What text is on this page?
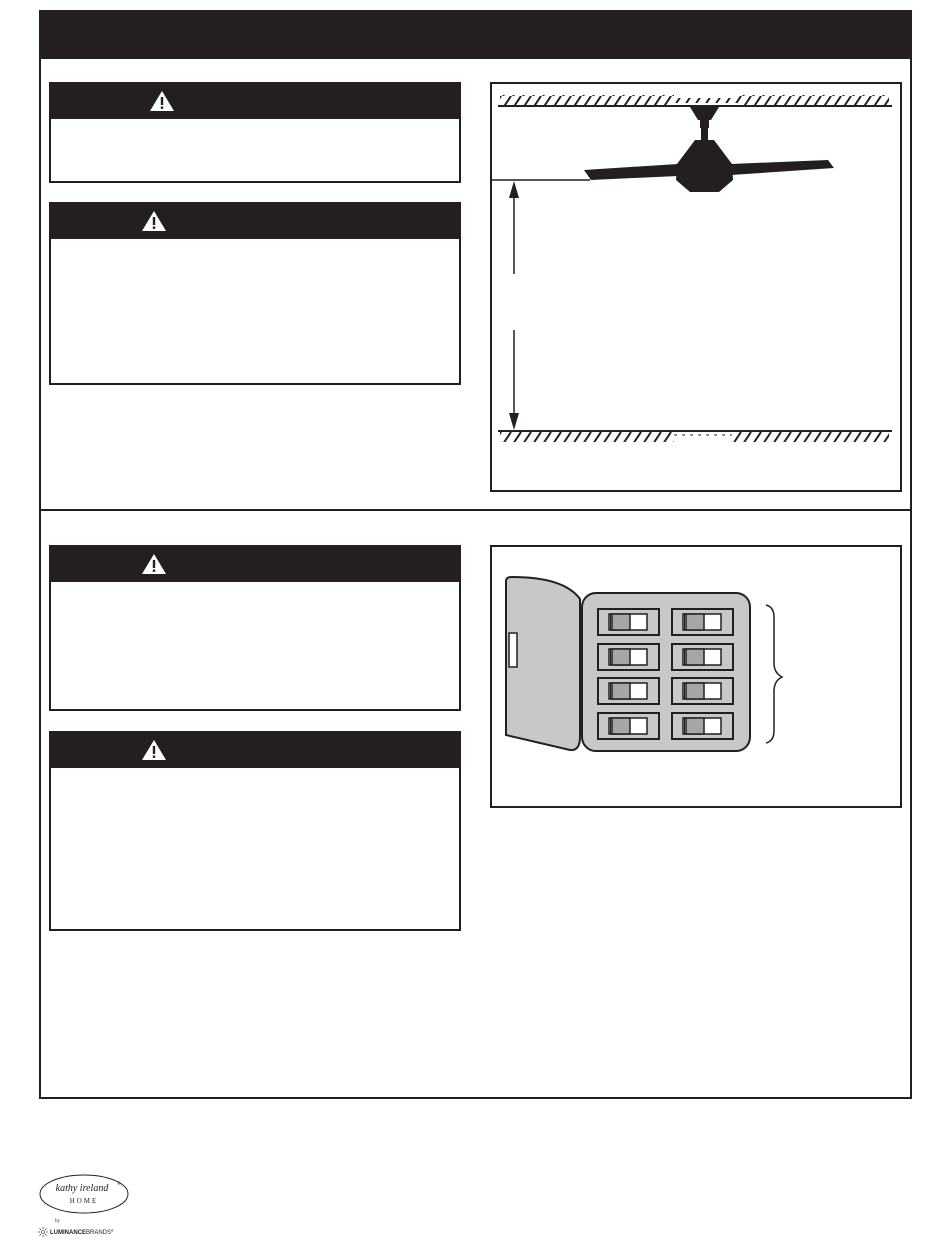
kathy ireland ®
HOME
by
LUMINANCEBRANDS®
